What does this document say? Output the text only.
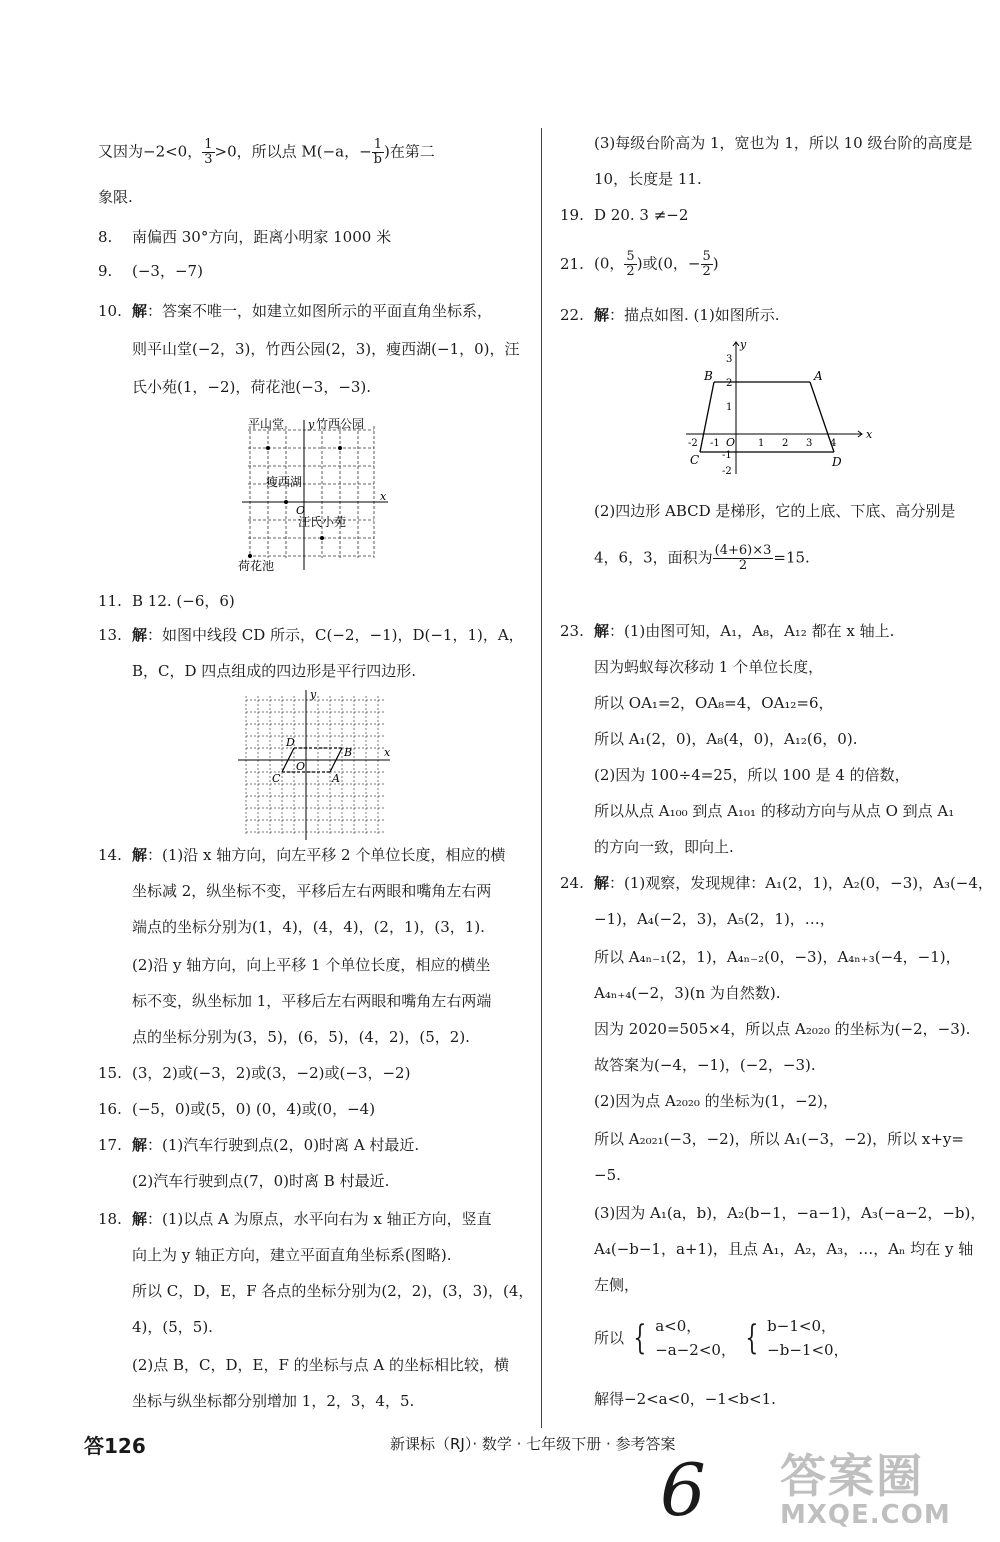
又因为−2<0， $\frac{1}{3} >0$，所以点 M(−a，− $\frac{1}{b}$ )在第二
象限.
8. 南偏西 30°方向，距离小明家 1000 米
9. (−3，−7)
10. 解：答案不唯一，如建立如图所示的平面直角坐标系，
则平山堂(−2，3)，竹西公园(2，3)，瘦西湖(−1，0)，汪
氏小苑(1，−2)，荷花池(−3，−3).
平山堂	竹西公园
瘦西湖
汪氏小苑
荷花池
y
x
O
11. B 12. (−6，6)
13. 解：如图中线段 CD 所示，C(−2，−1)，D(−1，1)，A，
B，C，D 四点组成的四边形是平行四边形.
y
x
O
D
C
B
A
14. 解：(1)沿 x 轴方向，向左平移 2 个单位长度，相应的横
坐标减 2，纵坐标不变，平移后左右两眼和嘴角左右两
端点的坐标分别为(1，4)，(4，4)，(2，1)，(3，1).
(2)沿 y 轴方向，向上平移 1 个单位长度，相应的横坐
标不变，纵坐标加 1，平移后左右两眼和嘴角左右两端
点的坐标分别为(3，5)，(6，5)，(4，2)，(5，2).
15. (3，2)或(−3，2)或(3，−2)或(−3，−2)
16. (−5，0)或(5，0) (0，4)或(0，−4)
17. 解：(1)汽车行驶到点(2，0)时离 A 村最近.
(2)汽车行驶到点(7，0)时离 B 村最近.
18. 解：(1)以点 A 为原点，水平向右为 x 轴正方向，竖直
向上为 y 轴正方向，建立平面直角坐标系(图略).
所以 C，D，E，F 各点的坐标分别为(2，2)，(3，3)，(4，
4)，(5，5).
(2)点 B，C，D，E，F 的坐标与点 A 的坐标相比较，横
坐标与纵坐标都分别增加 1，2，3，4，5.
(3)每级台阶高为 1，宽也为 1，所以 10 级台阶的高度是
10，长度是 11.
19. D 20. 3 ≠−2
21. (0， $\frac{5}{2}$ )或(0，− $\frac{5}{2}$ )
22. 解：描点如图. (1)如图所示.
y
x
O
B	A
C	D
-2 -1	1 2 3 4
3
2
1
-1
-2
(2)四边形 ABCD 是梯形，它的上底、下底、高分别是
4，6，3，面积为 $\frac{(4+6)\times 3}{2} =15$.
23. 解：(1)由图可知，A₁，A₈，A₁₂ 都在 x 轴上.
因为蚂蚁每次移动 1 个单位长度，
所以 OA₁=2，OA₈=4，OA₁₂=6，
所以 A₁(2，0)，A₈(4，0)，A₁₂(6，0).
(2)因为 100÷4=25，所以 100 是 4 的倍数，
所以从点 A₁₀₀ 到点 A₁₀₁ 的移动方向与从点 O 到点 A₁
的方向一致，即向上.
24. 解：(1)观察，发现规律：A₁(2，1)，A₂(0，−3)，A₃(−4，
−1)，A₄(−2，3)，A₅(2，1)，…，
所以 A₄ₙ₋₁(2，1)，A₄ₙ₋₂(0，−3)，A₄ₙ₊₃(−4，−1)，
A₄ₙ₊₄(−2，3)(n 为自然数).
因为 2020=505×4，所以点 A₂₀₂₀ 的坐标为(−2，−3).
故答案为(−4，−1)，(−2，−3).
(2)因为点 A₂₀₂₀ 的坐标为(1，−2)，
所以 A₂₀₂₁(−3，−2)，所以 A₁(−3，−2)，所以 x+y=
−5.
(3)因为 A₁(a，b)，A₂(b−1，−a−1)，A₃(−a−2，−b)，
A₄(−b−1，a+1)，且点 A₁，A₂，A₃，…，Aₙ 均在 y 轴
左侧，
所以 { a<0，
−a−2<0， { b−1<0，
−b−1<0，
解得−2<a<0，−1<b<1.
答126	新课标（RJ）· 数学 · 七年级下册 · 参考答案
6 答案圈
MXQE.COM
